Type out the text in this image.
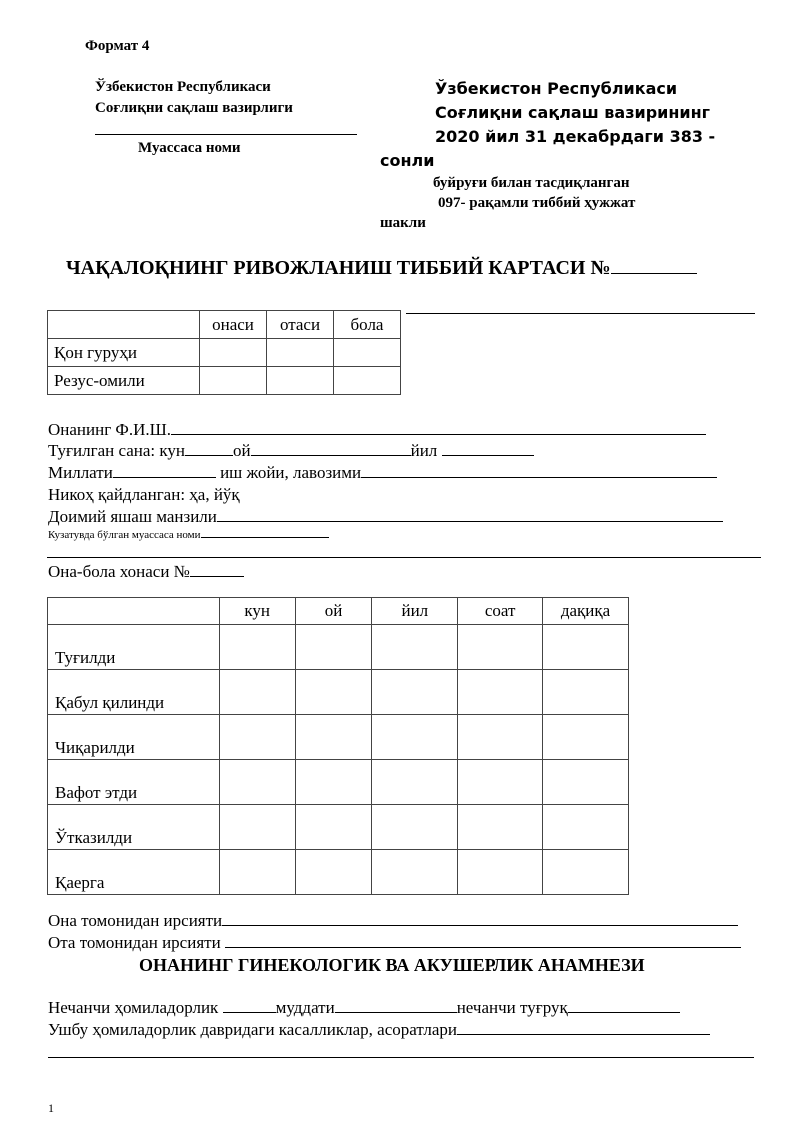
Формат 4
Ўзбекистон Республикаси
Соғлиқни сақлаш вазирлиги
Муассаса номи
Ўзбекистон Республикаси
Соғлиқни сақлаш вазирининг
2020 йил 31 декабрдаги 383 -
сонли
буйруғи билан тасдиқланган
097- рақамли тиббий ҳужжат
шакли
ЧАҚАЛОҚНИНГ РИВОЖЛАНИШ ТИББИЙ КАРТАСИ №
	онаси	отаси	бола
Қон гуруҳи			
Резус-омили			
Онанинг Ф.И.Ш.
Туғилган сана: кун	ой	йил
Миллати	иш жойи, лавозими
Никоҳ қайдланган: ҳа, йўқ
Доимий яшаш манзили
Кузатувда бўлган муассаса номи
Она-бола хонаси №
	кун	ой	йил	соат	дақиқа
Туғилди					
Қабул қилинди					
Чиқарилди					
Вафот этди					
Ўтказилди					
Қаерга					
Она томонидан ирсияти
Ота томонидан ирсияти
ОНАНИНГ ГИНЕКОЛОГИК ВА АКУШЕРЛИК АНАМНЕЗИ
Нечанчи ҳомиладорлик	муддати	нечанчи туғруқ
Ушбу ҳомиладорлик давридаги касалликлар, асоратлари
1
